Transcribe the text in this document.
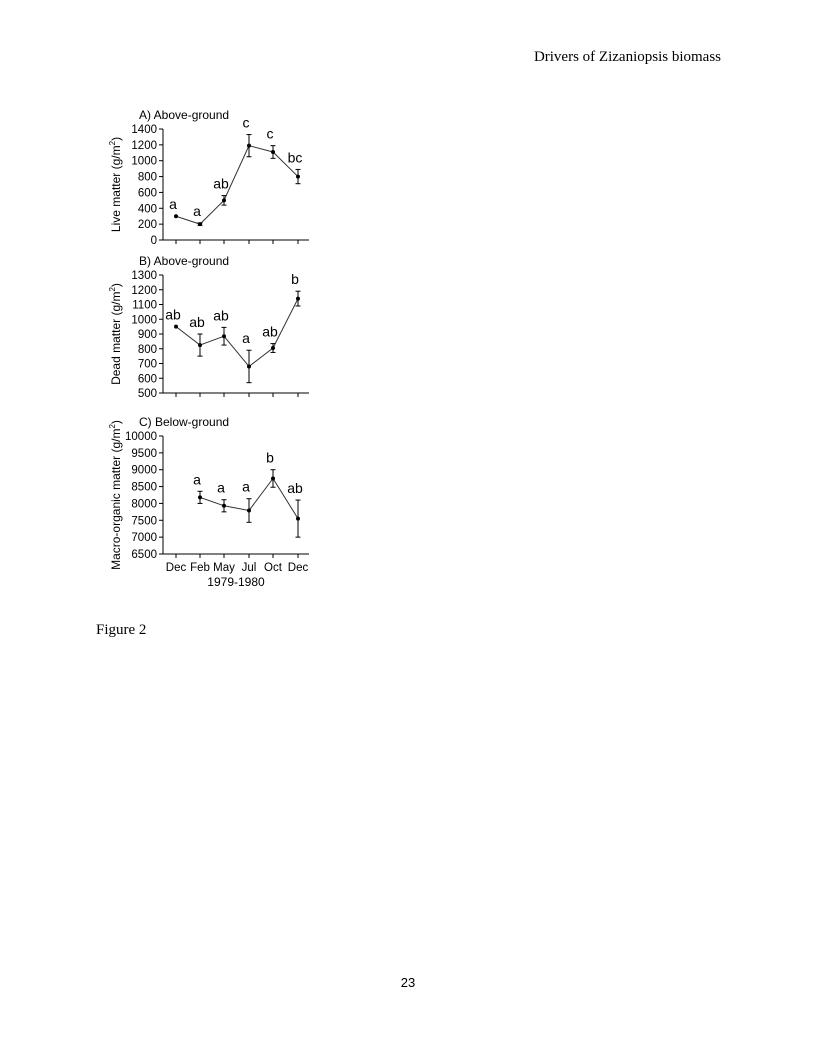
Drivers of Zizaniopsis biomass
A) Above-ground
0
200
400
600
800
1000
1200
1400
Live matter $(g/m^2)$
a a
ab
c
c
bc
B) Above-ground
500
600
700
800
900
1000
1100
1200
1300
Dead matter $(g/m^2)$
ab ab ab
a ab
b
C) Below-ground
6500
7000
7500
8000
8500
9000
9500
10000
Macro-organic matter $(g/m^2)$
a
a a
b
ab
Dec Feb May Jul Oct Dec
1979-1980
Figure 2
23
